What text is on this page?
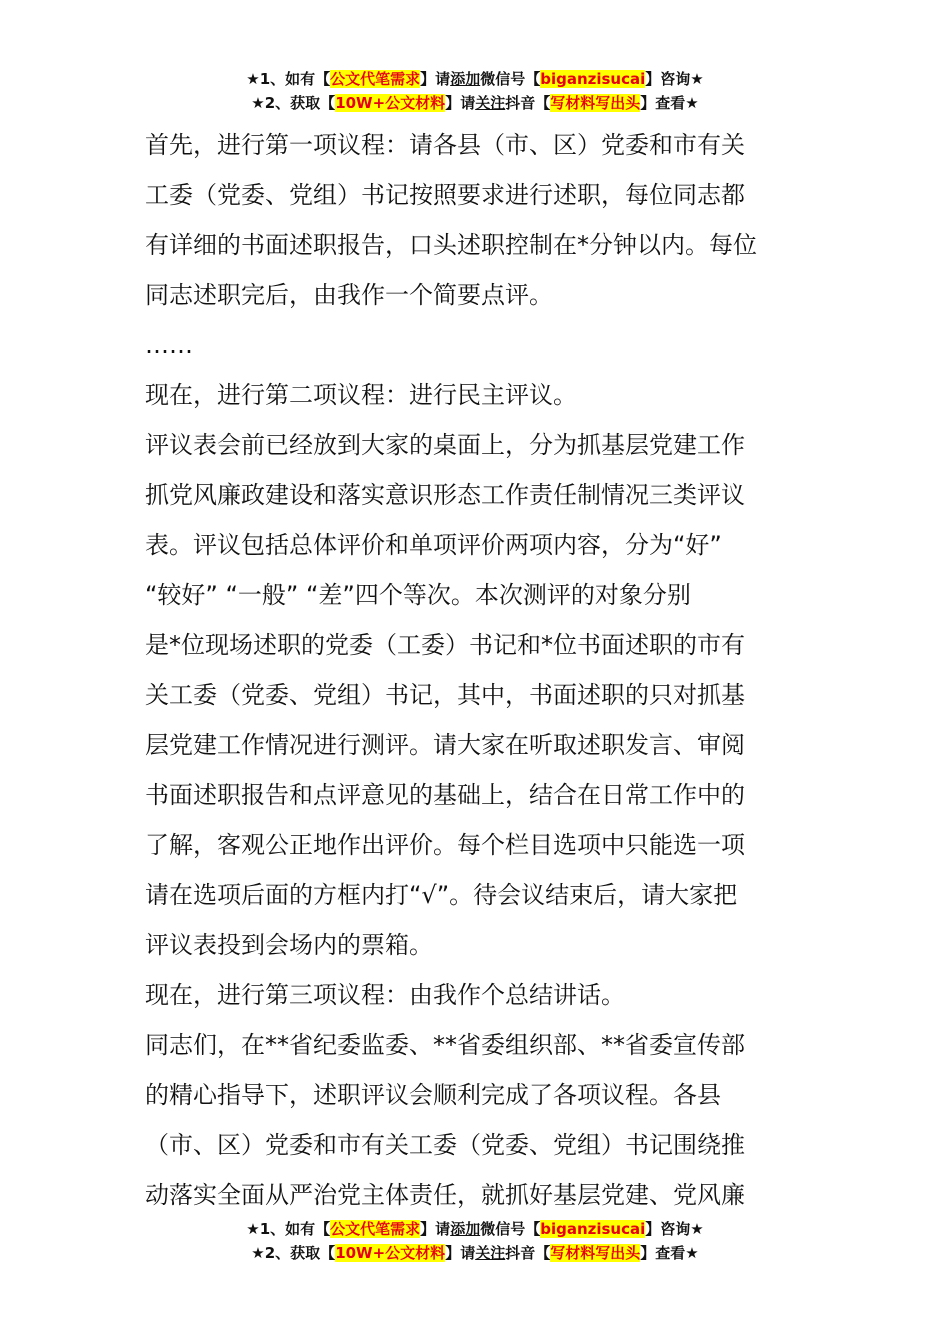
★1、如有【公文代笔需求】请添加微信号【biganzisucai】咨询★
★2、获取【10W+公文材料】请关注抖音【写材料写出头】查看★
首先，进行第一项议程：请各县（市、区）党委和市有关
工委（党委、党组）书记按照要求进行述职，每位同志都
有详细的书面述职报告，口头述职控制在*分钟以内。每位
同志述职完后，由我作一个简要点评。
……
现在，进行第二项议程：进行民主评议。
评议表会前已经放到大家的桌面上，分为抓基层党建工作
抓党风廉政建设和落实意识形态工作责任制情况三类评议
表。评议包括总体评价和单项评价两项内容，分为“好”
“较好” “一般” “差”四个等次。本次测评的对象分别
是*位现场述职的党委（工委）书记和*位书面述职的市有
关工委（党委、党组）书记，其中，书面述职的只对抓基
层党建工作情况进行测评。请大家在听取述职发言、审阅
书面述职报告和点评意见的基础上，结合在日常工作中的
了解，客观公正地作出评价。每个栏目选项中只能选一项
请在选项后面的方框内打“√”。待会议结束后，请大家把
评议表投到会场内的票箱。
现在，进行第三项议程：由我作个总结讲话。
同志们，在**省纪委监委、**省委组织部、**省委宣传部
的精心指导下，述职评议会顺利完成了各项议程。各县
（市、区）党委和市有关工委（党委、党组）书记围绕推
动落实全面从严治党主体责任，就抓好基层党建、党风廉
★1、如有【公文代笔需求】请添加微信号【biganzisucai】咨询★
★2、获取【10W+公文材料】请关注抖音【写材料写出头】查看★
